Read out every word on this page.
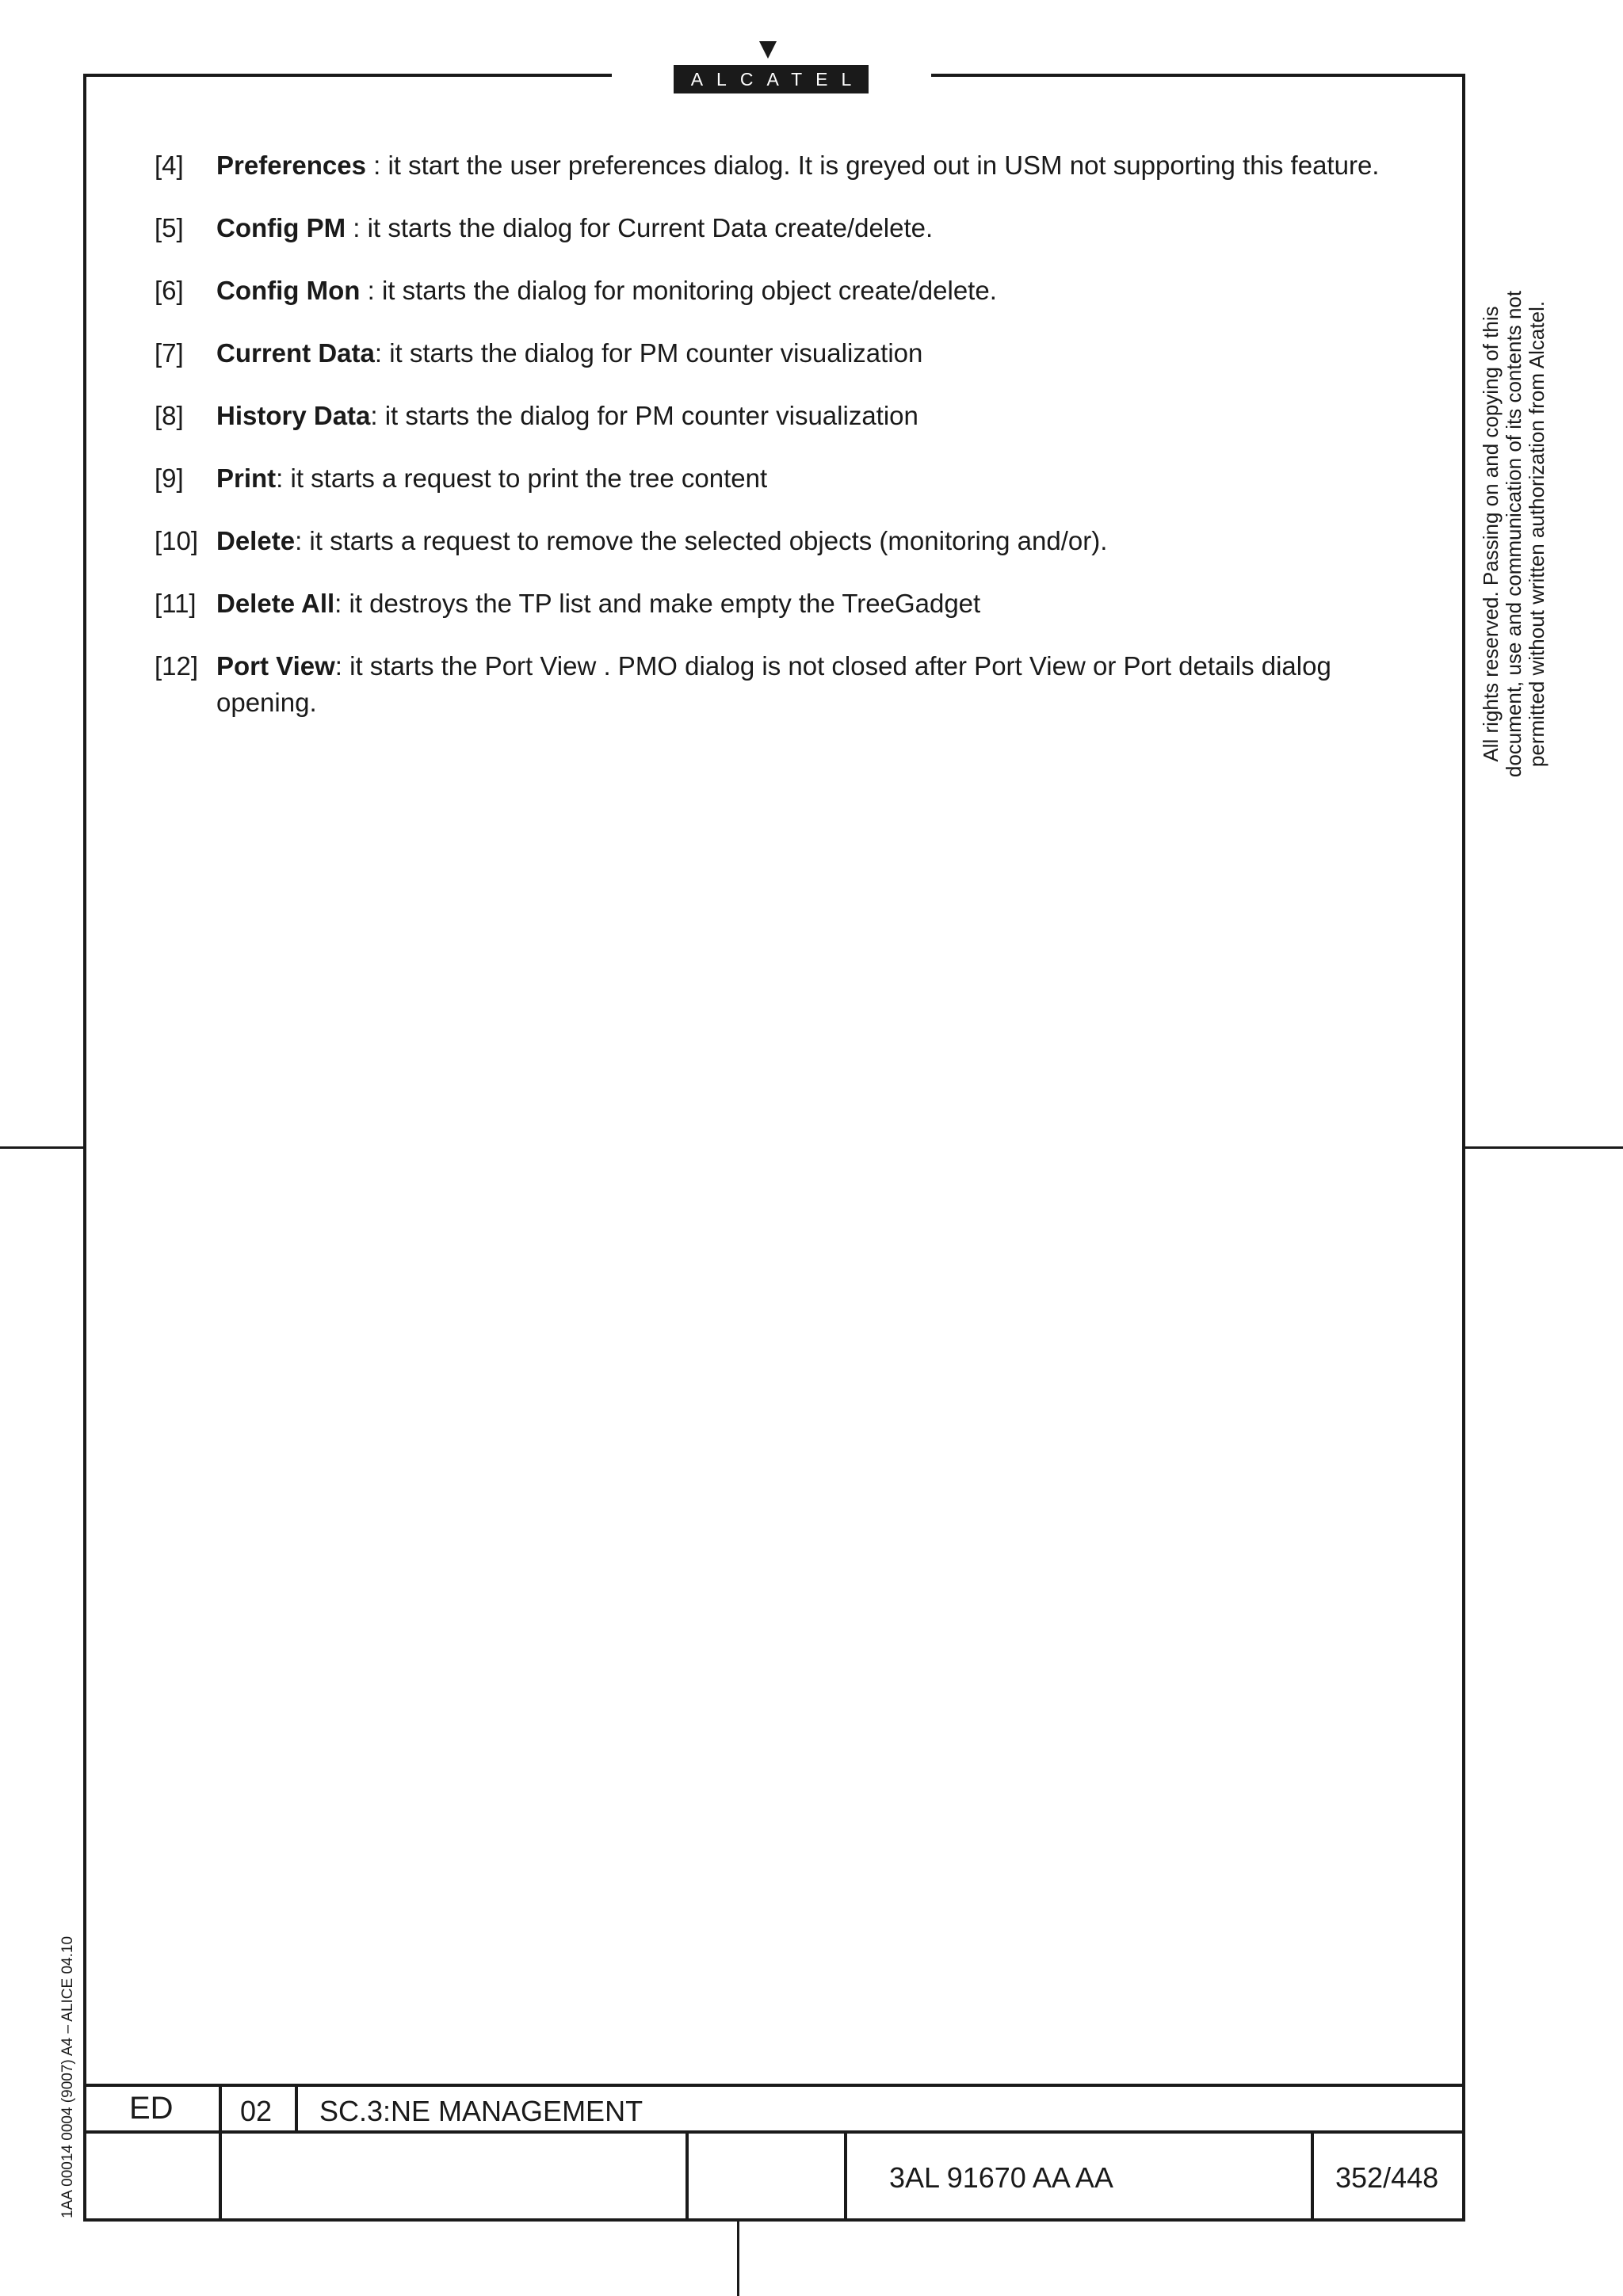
ALCATEL
[4] Preferences : it start the user preferences dialog. It is greyed out in USM not supporting this feature.
[5] Config PM : it starts the dialog for Current Data create/delete.
[6] Config Mon : it starts the dialog for monitoring object create/delete.
[7] Current Data: it starts the dialog for PM counter visualization
[8] History Data: it starts the dialog for PM counter visualization
[9] Print: it starts a request to print the tree content
[10] Delete: it starts a request to remove the selected objects (monitoring and/or).
[11] Delete All: it destroys the TP list and make empty the TreeGadget
[12] Port View: it starts the Port View . PMO dialog is not closed after Port View or Port details dialog opening.	All rights reserved. Passing on and copying of this document, use and communication of its contents not permitted without written authorization from Alcatel.
1AA 00014 0004 (9007) A4 – ALICE 04.10 ED 02 SC.3:NE MANAGEMENT
3AL 91670 AA AA	352/448
